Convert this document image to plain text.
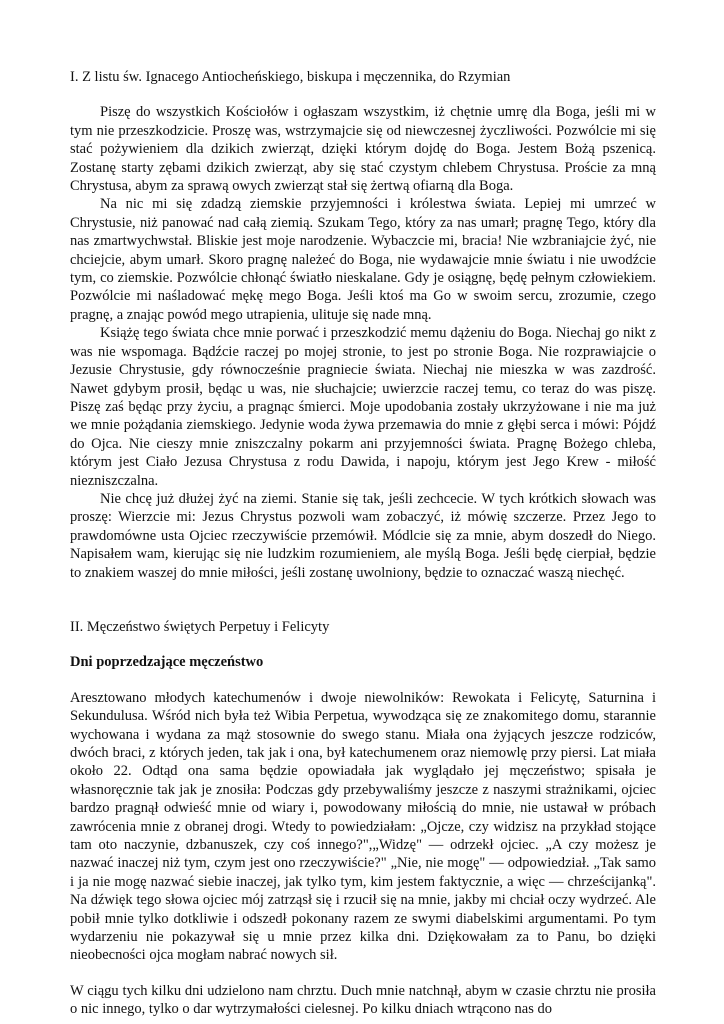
I. Z listu św. Ignacego Antiocheńskiego, biskupa i męczennika, do Rzymian

Piszę do wszystkich Kościołów i ogłaszam wszystkim, iż chętnie umrę dla Boga, jeśli mi w tym nie przeszkodzicie. Proszę was, wstrzymajcie się od niewczesnej życzliwości. Pozwólcie mi się stać pożywieniem dla dzikich zwierząt, dzięki którym dojdę do Boga. Jestem Bożą pszenicą. Zostanę starty zębami dzikich zwierząt, aby się stać czystym chlebem Chrystusa. Proście za mną Chrystusa, abym za sprawą owych zwierząt stał się żertwą ofiarną dla Boga.

Na nic mi się zdadzą ziemskie przyjemności i królestwa świata. Lepiej mi umrzeć w Chrystusie, niż panować nad całą ziemią. Szukam Tego, który za nas umarł; pragnę Tego, który dla nas zmartwychwstał. Bliskie jest moje narodzenie. Wybaczcie mi, bracia! Nie wzbraniajcie żyć, nie chciejcie, abym umarł. Skoro pragnę należeć do Boga, nie wydawajcie mnie światu i nie uwodźcie tym, co ziemskie. Pozwólcie chłonąć światło nieskalane. Gdy je osiągnę, będę pełnym człowiekiem. Pozwólcie mi naśladować mękę mego Boga. Jeśli ktoś ma Go w swoim sercu, zrozumie, czego pragnę, a znając powód mego utrapienia, ulituje się nade mną.

Książę tego świata chce mnie porwać i przeszkodzić memu dążeniu do Boga. Niechaj go nikt z was nie wspomaga. Bądźcie raczej po mojej stronie, to jest po stronie Boga. Nie rozprawiajcie o Jezusie Chrystusie, gdy równocześnie pragniecie świata. Niechaj nie mieszka w was zazdrość. Nawet gdybym prosił, będąc u was, nie słuchajcie; uwierzcie raczej temu, co teraz do was piszę. Piszę zaś będąc przy życiu, a pragnąc śmierci. Moje upodobania zostały ukrzyżowane i nie ma już we mnie pożądania ziemskiego. Jedynie woda żywa przemawia do mnie z głębi serca i mówi: Pójdź do Ojca. Nie cieszy mnie zniszczalny pokarm ani przyjemności świata. Pragnę Bożego chleba, którym jest Ciało Jezusa Chrystusa z rodu Dawida, i napoju, którym jest Jego Krew - miłość niezniszczalna.

Nie chcę już dłużej żyć na ziemi. Stanie się tak, jeśli zechcecie. W tych krótkich słowach was proszę: Wierzcie mi: Jezus Chrystus pozwoli wam zobaczyć, iż mówię szczerze. Przez Jego to prawdomówne usta Ojciec rzeczywiście przemówił. Módlcie się za mnie, abym doszedł do Niego. Napisałem wam, kierując się nie ludzkim rozumieniem, ale myślą Boga. Jeśli będę cierpiał, będzie to znakiem waszej do mnie miłości, jeśli zostanę uwolniony, będzie to oznaczać waszą niechęć.

II. Męczeństwo świętych Perpetuy i Felicyty

Dni poprzedzające męczeństwo

Aresztowano młodych katechumenów i dwoje niewolników: Rewokata i Felicytę, Saturnina i Sekundulusa. Wśród nich była też Wibia Perpetua, wywodząca się ze znakomitego domu, starannie wychowana i wydana za mąż stosownie do swego stanu. Miała ona żyjących jeszcze rodziców, dwóch braci, z których jeden, tak jak i ona, był katechumenem oraz niemowlę przy piersi. Lat miała około 22. Odtąd ona sama będzie opowiadała jak wyglądało jej męczeństwo; spisała je własnoręcznie tak jak je znosiła: Podczas gdy przebywaliśmy jeszcze z naszymi strażnikami, ojciec bardzo pragnął odwieść mnie od wiary i, powodowany miłością do mnie, nie ustawał w próbach zawrócenia mnie z obranej drogi. Wtedy to powiedziałam: „Ojcze, czy widzisz na przykład stojące tam oto naczynie, dzbanuszek, czy coś innego?",„Widzę" — odrzekł ojciec. „A czy możesz je nazwać inaczej niż tym, czym jest ono rzeczywiście?" „Nie, nie mogę" — odpowiedział. „Tak samo i ja nie mogę nazwać siebie inaczej, jak tylko tym, kim jestem faktycznie, a więc — chrześcijanką". Na dźwięk tego słowa ojciec mój zatrząsł się i rzucił się na mnie, jakby mi chciał oczy wydrzeć. Ale pobił mnie tylko dotkliwie i odszedł pokonany razem ze swymi diabelskimi argumentami. Po tym wydarzeniu nie pokazywał się u mnie przez kilka dni. Dziękowałam za to Panu, bo dzięki nieobecności ojca mogłam nabrać nowych sił.

W ciągu tych kilku dni udzielono nam chrztu. Duch mnie natchnął, abym w czasie chrztu nie prosiła o nic innego, tylko o dar wytrzymałości cielesnej. Po kilku dniach wtrącono nas do
